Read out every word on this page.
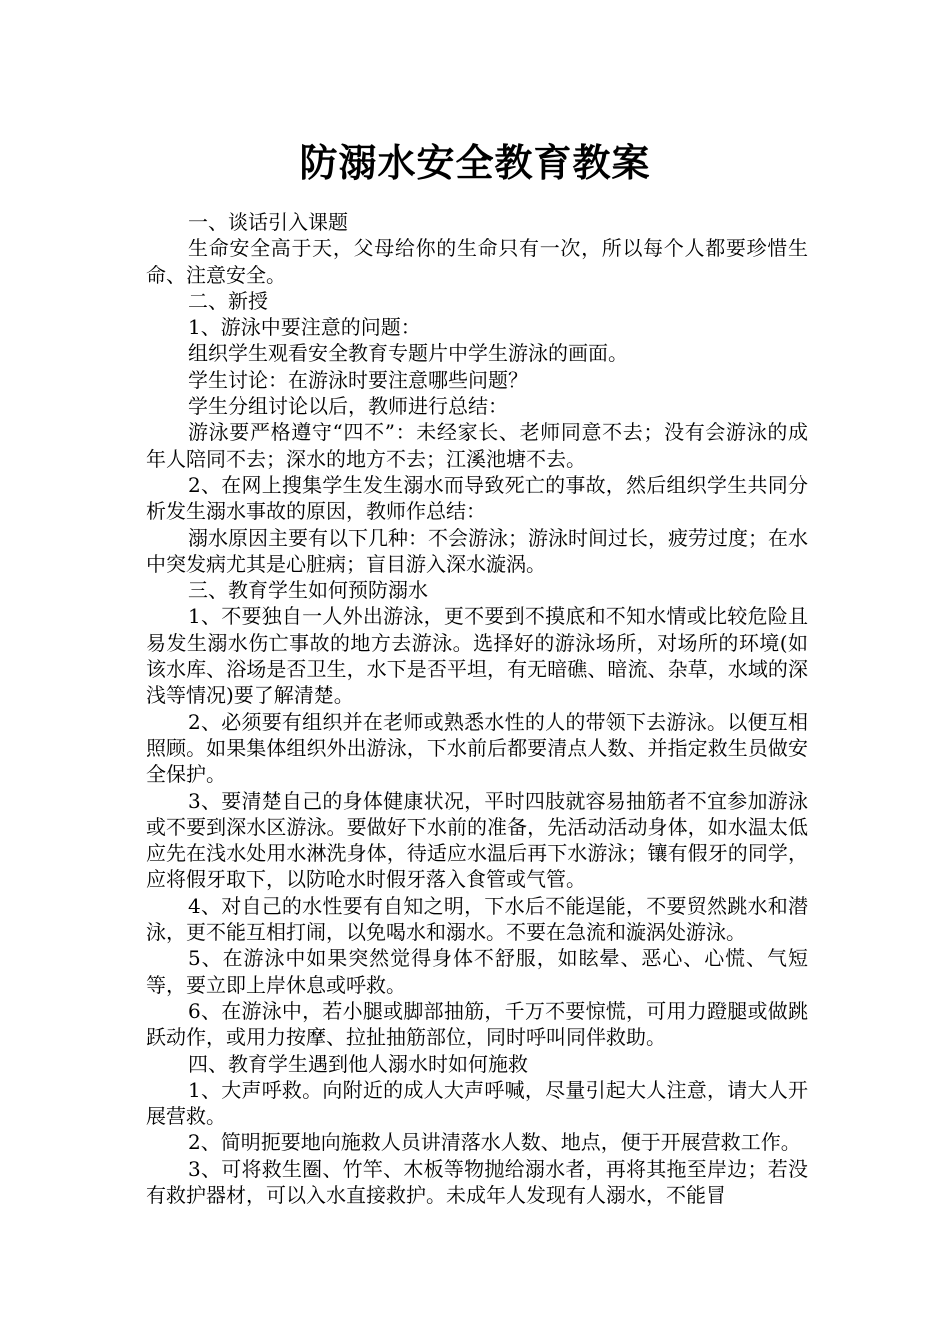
防溺水安全教育教案

一、谈话引入课题

生命安全高于天，父母给你的生命只有一次，所以每个人都要珍惜生命、注意安全。

二、新授

1、游泳中要注意的问题：

组织学生观看安全教育专题片中学生游泳的画面。

学生讨论：在游泳时要注意哪些问题？

学生分组讨论以后，教师进行总结：

游泳要严格遵守“四不”：未经家长、老师同意不去；没有会游泳的成年人陪同不去；深水的地方不去；江溪池塘不去。

2、在网上搜集学生发生溺水而导致死亡的事故，然后组织学生共同分析发生溺水事故的原因，教师作总结：

溺水原因主要有以下几种：不会游泳；游泳时间过长，疲劳过度；在水中突发病尤其是心脏病；盲目游入深水漩涡。

三、教育学生如何预防溺水

1、不要独自一人外出游泳，更不要到不摸底和不知水情或比较危险且易发生溺水伤亡事故的地方去游泳。选择好的游泳场所，对场所的环境(如该水库、浴场是否卫生，水下是否平坦，有无暗礁、暗流、杂草，水域的深浅等情况)要了解清楚。

2、必须要有组织并在老师或熟悉水性的人的带领下去游泳。以便互相照顾。如果集体组织外出游泳，下水前后都要清点人数、并指定救生员做安全保护。

3、要清楚自己的身体健康状况，平时四肢就容易抽筋者不宜参加游泳或不要到深水区游泳。要做好下水前的准备，先活动活动身体，如水温太低应先在浅水处用水淋洗身体，待适应水温后再下水游泳；镶有假牙的同学，应将假牙取下，以防呛水时假牙落入食管或气管。

4、对自己的水性要有自知之明，下水后不能逞能，不要贸然跳水和潜泳，更不能互相打闹，以免喝水和溺水。不要在急流和漩涡处游泳。

5、在游泳中如果突然觉得身体不舒服，如眩晕、恶心、心慌、气短等，要立即上岸休息或呼救。

6、在游泳中，若小腿或脚部抽筋，千万不要惊慌，可用力蹬腿或做跳跃动作，或用力按摩、拉扯抽筋部位，同时呼叫同伴救助。

四、教育学生遇到他人溺水时如何施救

1、大声呼救。向附近的成人大声呼喊，尽量引起大人注意，请大人开展营救。

2、简明扼要地向施救人员讲清落水人数、地点，便于开展营救工作。

3、可将救生圈、竹竿、木板等物抛给溺水者，再将其拖至岸边；若没有救护器材，可以入水直接救护。未成年人发现有人溺水，不能冒
